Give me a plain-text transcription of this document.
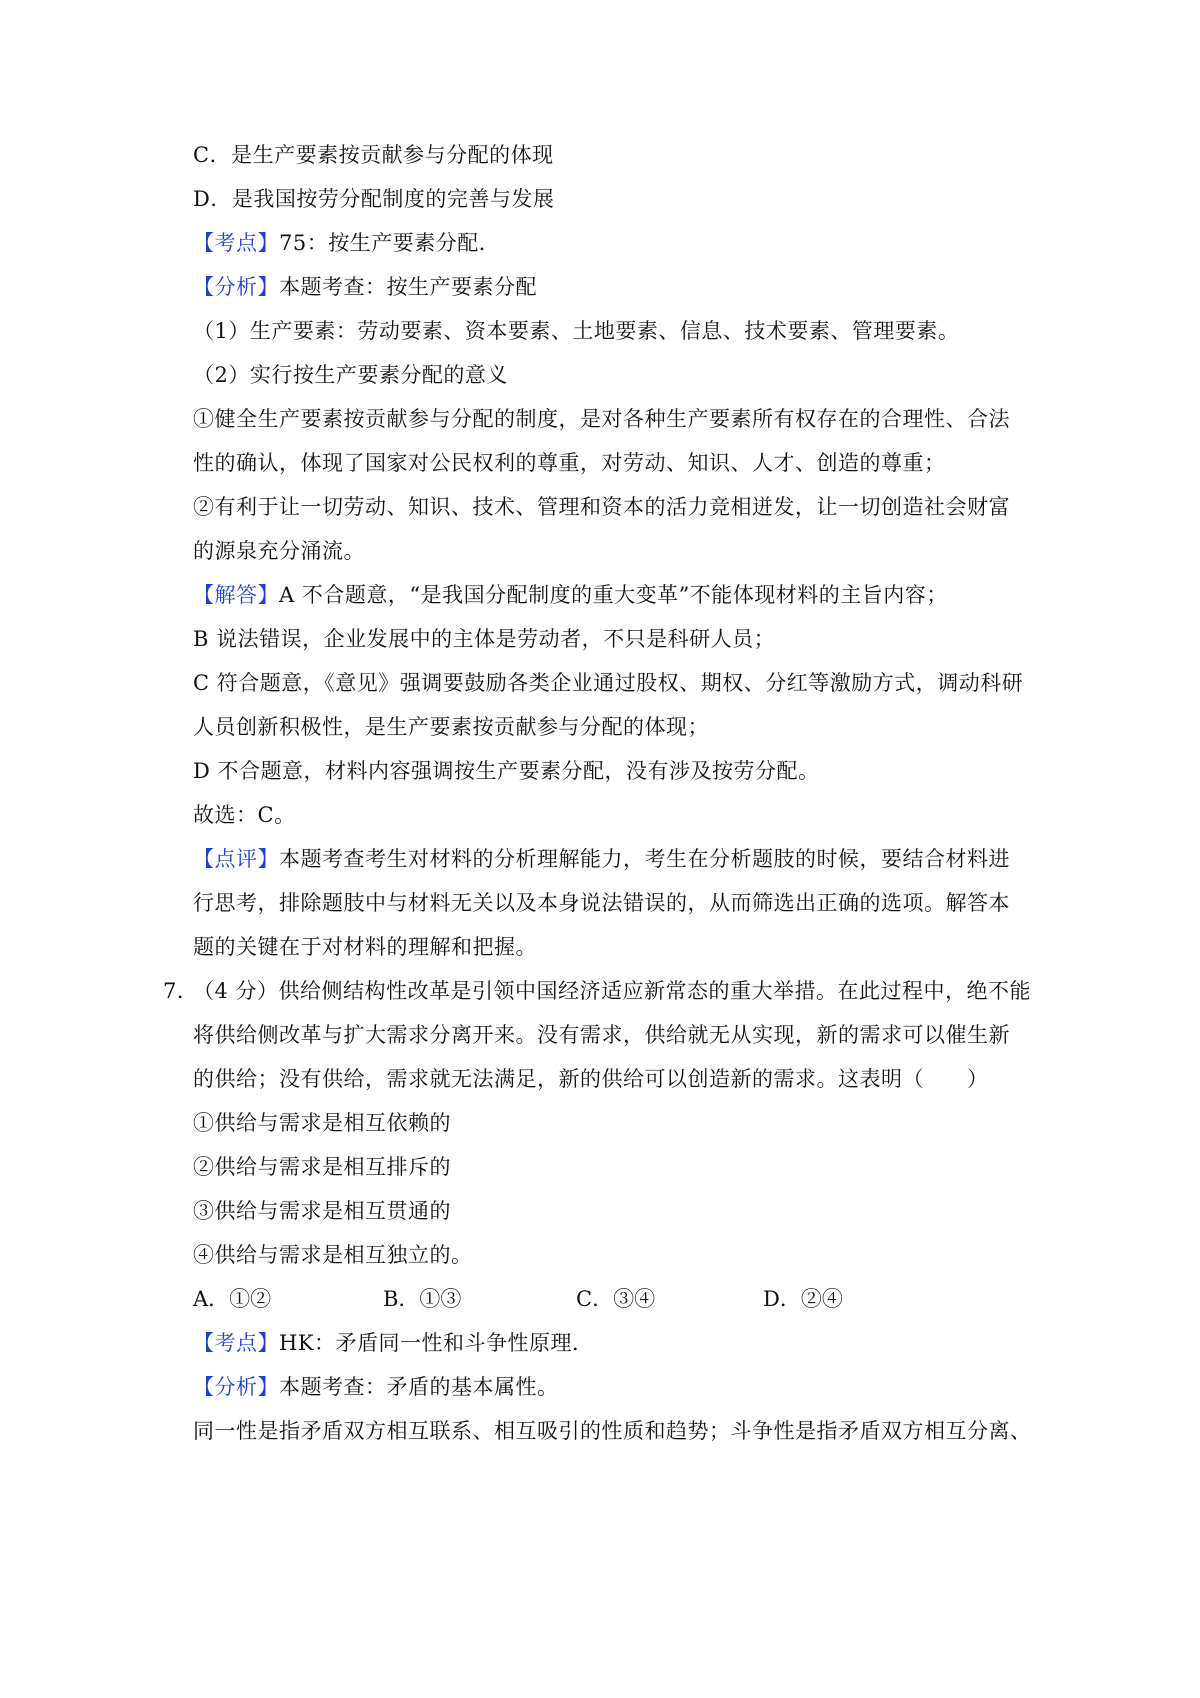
C．是生产要素按贡献参与分配的体现
D．是我国按劳分配制度的完善与发展
【考点】75：按生产要素分配．
【分析】本题考查：按生产要素分配
（1）生产要素：劳动要素、资本要素、土地要素、信息、技术要素、管理要素。
（2）实行按生产要素分配的意义
①健全生产要素按贡献参与分配的制度，是对各种生产要素所有权存在的合理性、合法
性的确认，体现了国家对公民权利的尊重，对劳动、知识、人才、创造的尊重；
②有利于让一切劳动、知识、技术、管理和资本的活力竞相迸发，让一切创造社会财富
的源泉充分涌流。
【解答】A 不合题意，“是我国分配制度的重大变革”不能体现材料的主旨内容；
B 说法错误，企业发展中的主体是劳动者，不只是科研人员；
C 符合题意，《意见》强调要鼓励各类企业通过股权、期权、分红等激励方式，调动科研
人员创新积极性，是生产要素按贡献参与分配的体现；
D 不合题意，材料内容强调按生产要素分配，没有涉及按劳分配。
故选：C。
【点评】本题考查考生对材料的分析理解能力，考生在分析题肢的时候，要结合材料进
行思考，排除题肢中与材料无关以及本身说法错误的，从而筛选出正确的选项。解答本
题的关键在于对材料的理解和把握。
7．
（4 分）供给侧结构性改革是引领中国经济适应新常态的重大举措。在此过程中，绝不能
将供给侧改革与扩大需求分离开来。没有需求，供给就无从实现，新的需求可以催生新
的供给；没有供给，需求就无法满足，新的供给可以创造新的需求。这表明（　　）
①供给与需求是相互依赖的
②供给与需求是相互排斥的
③供给与需求是相互贯通的
④供给与需求是相互独立的。
A．①②	B．①③	C．③④	D．②④
【考点】HK：矛盾同一性和斗争性原理．
【分析】本题考查：矛盾的基本属性。
同一性是指矛盾双方相互联系、相互吸引的性质和趋势；斗争性是指矛盾双方相互分离、
